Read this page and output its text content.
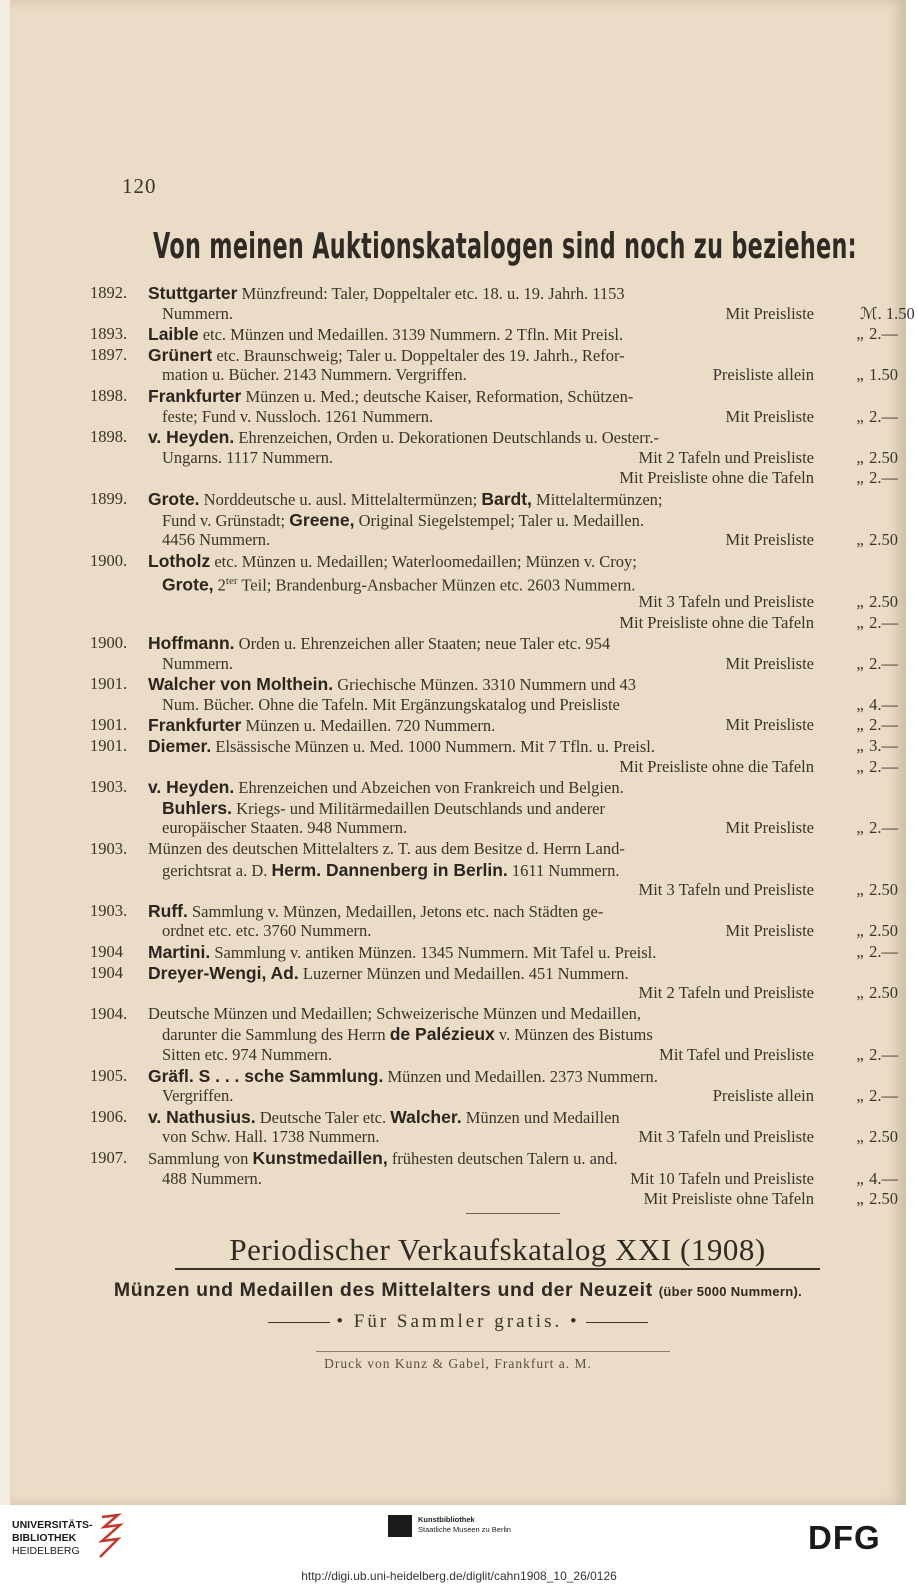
120
Von meinen Auktionskatalogen sind noch zu beziehen:
1892.	Stuttgarter Münzfreund: Taler, Doppeltaler etc. 18. u. 19. Jahrh. 1153
Nummern.	Mit Preisliste	ℳ. 1.50
1893.	Laible etc. Münzen und Medaillen. 3139 Nummern. 2 Tfln. Mit Preisl.	„ 2.—
1897.	Grünert etc. Braunschweig; Taler u. Doppeltaler des 19. Jahrh., Refor-
mation u. Bücher. 2143 Nummern. Vergriffen.	Preisliste allein	„ 1.50
1898.	Frankfurter Münzen u. Med.; deutsche Kaiser, Reformation, Schützen-
feste; Fund v. Nussloch. 1261 Nummern.	Mit Preisliste	„ 2.—
1898.	v. Heyden. Ehrenzeichen, Orden u. Dekorationen Deutschlands u. Oesterr.-
Ungarns. 1117 Nummern.	Mit 2 Tafeln und Preisliste	„ 2.50
Mit Preisliste ohne die Tafeln	„ 2.—
1899.	Grote. Norddeutsche u. ausl. Mittelaltermünzen; Bardt, Mittelaltermünzen;
Fund v. Grünstadt; Greene, Original Siegelstempel; Taler u. Medaillen.
4456 Nummern.	Mit Preisliste	„ 2.50
1900.	Lotholz etc. Münzen u. Medaillen; Waterloomedaillen; Münzen v. Croy;
Grote, $2^{ter}$ Teil; Brandenburg-Ansbacher Münzen etc. 2603 Nummern.
Mit 3 Tafeln und Preisliste	„ 2.50
Mit Preisliste ohne die Tafeln	„ 2.—
1900.	Hoffmann. Orden u. Ehrenzeichen aller Staaten; neue Taler etc. 954
Nummern.	Mit Preisliste	„ 2.—
1901.	Walcher von Molthein. Griechische Münzen. 3310 Nummern und 43
Num. Bücher. Ohne die Tafeln. Mit Ergänzungskatalog und Preisliste	„ 4.—
1901.	Frankfurter Münzen u. Medaillen. 720 Nummern.	Mit Preisliste	„ 2.—
1901.	Diemer. Elsässische Münzen u. Med. 1000 Nummern. Mit 7 Tfln. u. Preisl.	„ 3.—
Mit Preisliste ohne die Tafeln	„ 2.—
1903.	v. Heyden. Ehrenzeichen und Abzeichen von Frankreich und Belgien.
Buhlers. Kriegs- und Militärmedaillen Deutschlands und anderer
europäischer Staaten. 948 Nummern.	Mit Preisliste	„ 2.—
1903.	Münzen des deutschen Mittelalters z. T. aus dem Besitze d. Herrn Land-
gerichtsrat a. D. Herm. Dannenberg in Berlin. 1611 Nummern.
Mit 3 Tafeln und Preisliste	„ 2.50
1903.	Ruff. Sammlung v. Münzen, Medaillen, Jetons etc. nach Städten ge-
ordnet etc. etc. 3760 Nummern.	Mit Preisliste	„ 2.50
1904	Martini. Sammlung v. antiken Münzen. 1345 Nummern. Mit Tafel u. Preisl.	„ 2.—
1904	Dreyer-Wengi, Ad. Luzerner Münzen und Medaillen. 451 Nummern.
Mit 2 Tafeln und Preisliste	„ 2.50
1904.	Deutsche Münzen und Medaillen; Schweizerische Münzen und Medaillen,
darunter die Sammlung des Herrn de Palézieux v. Münzen des Bistums
Sitten etc. 974 Nummern.	Mit Tafel und Preisliste	„ 2.—
1905.	Gräfl. S . . . sche Sammlung. Münzen und Medaillen. 2373 Nummern.
Vergriffen.	Preisliste allein	„ 2.—
1906.	v. Nathusius. Deutsche Taler etc. Walcher. Münzen und Medaillen
von Schw. Hall. 1738 Nummern.	Mit 3 Tafeln und Preisliste	„ 2.50
1907.	Sammlung von Kunstmedaillen, frühesten deutschen Talern u. and.
488 Nummern.	Mit 10 Tafeln und Preisliste	„ 4.—
Mit Preisliste ohne Tafeln	„ 2.50
Periodischer Verkaufskatalog XXI (1908)
Münzen und Medaillen des Mittelalters und der Neuzeit (über 5000 Nummern).
• Für Sammler gratis. •
Druck von Kunz & Gabel, Frankfurt a. M.
UNIVERSITÄTS-
BIBLIOTHEK
HEIDELBERG
Kunstbibliothek
Staatliche Museen zu Berlin	DFG
http://digi.ub.uni-heidelberg.de/diglit/cahn1908_10_26/0126
